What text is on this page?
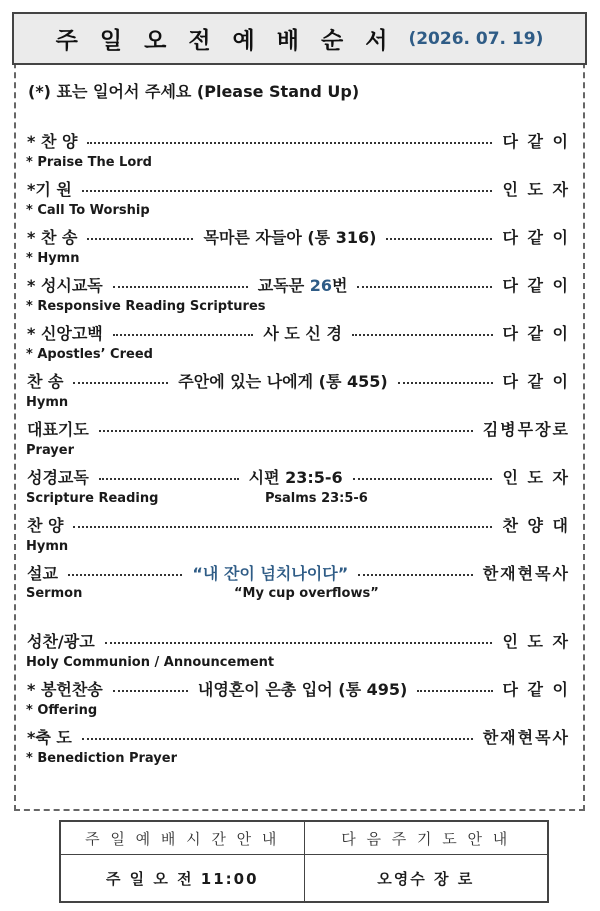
주 일 오 전 예 배 순 서 (2026. 07. 19)
(*) 표는 일어서 주세요 (Please Stand Up)
* 찬 양	다 같 이
* Praise The Lord
*기 원	인 도 자
* Call To Worship
* 찬 송	목마른 자들아 (통 316)	다 같 이
* Hymn
* 성시교독	교독문 26번	다 같 이
* Responsive Reading Scriptures
* 신앙고백	사 도 신 경	다 같 이
* Apostles’ Creed
찬 송	주안에 있는 나에게 (통 455)	다 같 이
Hymn
대표기도	김병무장로
Prayer
성경교독	시편 23:5-6	인 도 자
Scripture Reading	Psalms 23:5-6
찬 양	찬 양 대
Hymn
설교	“내 잔이 넘치나이다”	한재현목사
Sermon	“My cup overflows”
성찬/광고	인 도 자
Holy Communion / Announcement
* 봉헌찬송	내영혼이 은총 입어 (통 495)	다 같 이
* Offering
*축 도	한재현목사
* Benediction Prayer
주 일 예 배 시 간 안 내	다 음 주 기 도 안 내
주 일 오 전 11:00	오영수 장 로
